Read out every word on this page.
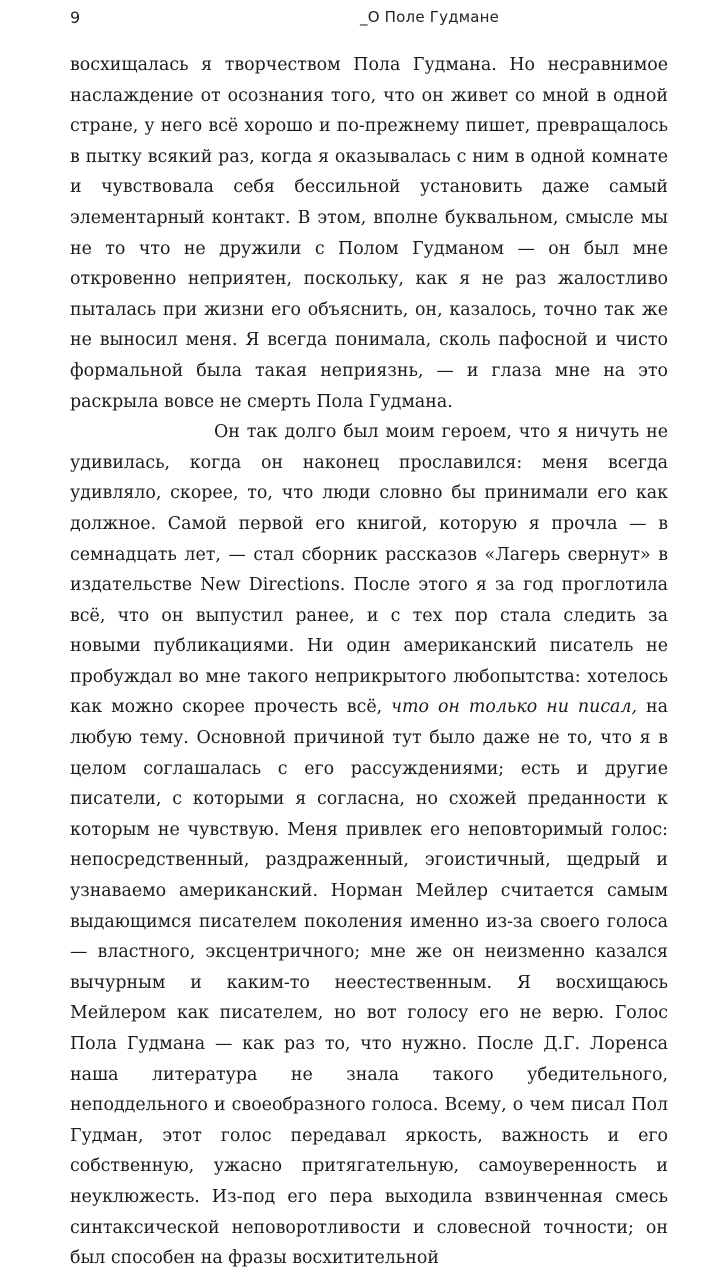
9	_О Поле Гудмане

восхищалась я творчеством Пола Гудмана. Но несравнимое наслаждение от осознания того, что он живет со мной в одной стране, у него всё хорошо и по-прежнему пишет, превращалось в пытку всякий раз, когда я оказывалась с ним в одной комнате и чувствовала себя бессильной установить даже самый элементарный контакт. В этом, вполне буквальном, смысле мы не то что не дружили с Полом Гудманом — он был мне откровенно неприятен, поскольку, как я не раз жалостливо пыталась при жизни его объяснить, он, казалось, точно так же не выносил меня. Я всегда понимала, сколь пафосной и чисто формальной была такая неприязнь, — и глаза мне на это раскрыла вовсе не смерть Пола Гудмана.

Он так долго был моим героем, что я ничуть не удивилась, когда он наконец прославился: меня всегда удивляло, скорее, то, что люди словно бы принимали его как должное. Самой первой его книгой, которую я прочла — в семнадцать лет, — стал сборник рассказов «Лагерь свернут» в издательстве New Directions. После этого я за год проглотила всё, что он выпустил ранее, и с тех пор стала следить за новыми публикациями. Ни один американский писатель не пробуждал во мне такого неприкрытого любопытства: хотелось как можно скорее прочесть всё, что он только ни писал, на любую тему. Основной причиной тут было даже не то, что я в целом соглашалась с его рассуждениями; есть и другие писатели, с которыми я согласна, но схожей преданности к которым не чувствую. Меня привлек его неповторимый голос: непосредственный, раздраженный, эгоистичный, щедрый и узнаваемо американский. Норман Мейлер считается самым выдающимся писателем поколения именно из-за своего голоса — властного, эксцентричного; мне же он неизменно казался вычурным и каким-то неестественным. Я восхищаюсь Мейлером как писателем, но вот голосу его не верю. Голос Пола Гудмана — как раз то, что нужно. После Д.Г. Лоренса наша литература не знала такого убедительного, неподдельного и своеобразного голоса. Всему, о чем писал Пол Гудман, этот голос передавал яркость, важность и его собственную, ужасно притягательную, самоуверенность и неуклюжесть. Из-под его пера выходила взвинченная смесь синтаксической неповоротливости и словесной точности; он был способен на фразы восхитительной
